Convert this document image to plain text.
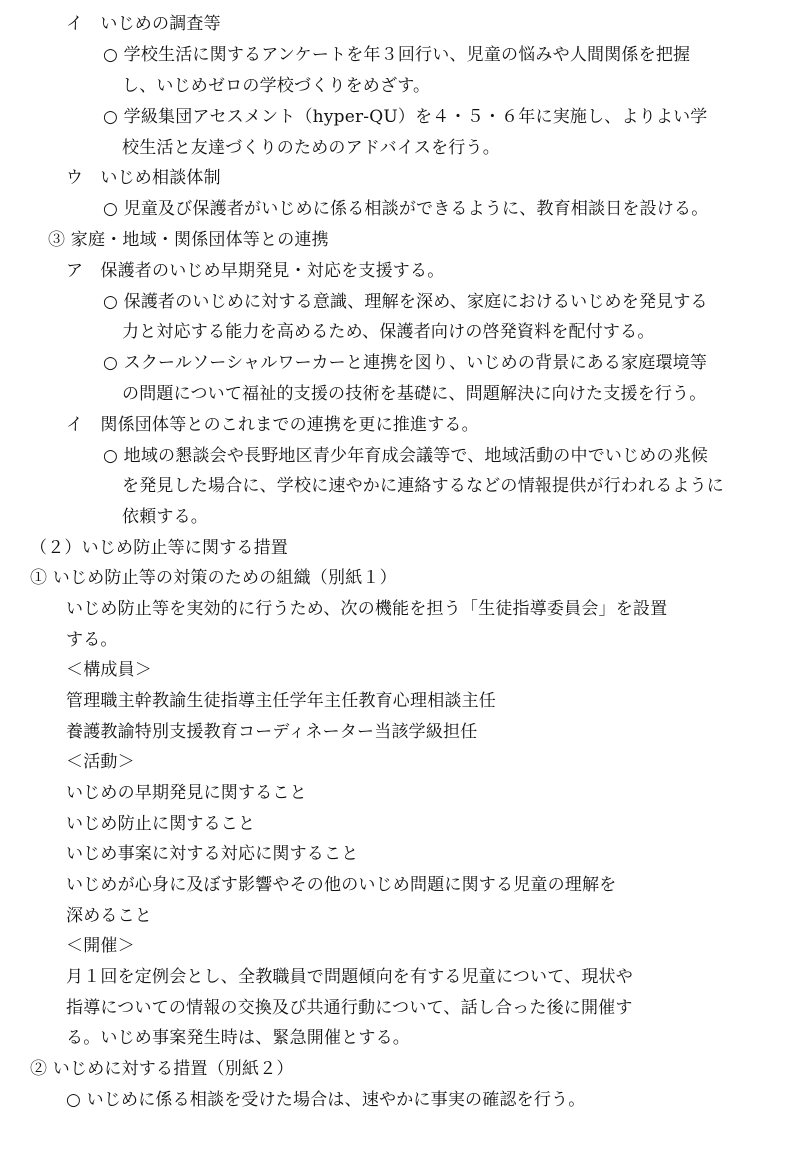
イ　いじめの調査等
○ 学校生活に関するアンケートを年３回行い、児童の悩みや人間関係を把握
し、いじめゼロの学校づくりをめざす。
○ 学級集団アセスメント（hyper-QU）を４・５・６年に実施し、よりよい学
校生活と友達づくりのためのアドバイスを行う。
ウ　いじめ相談体制
○ 児童及び保護者がいじめに係る相談ができるように、教育相談日を設ける。
③ 家庭・地域・関係団体等との連携
ア　保護者のいじめ早期発見・対応を支援する。
○ 保護者のいじめに対する意識、理解を深め、家庭におけるいじめを発見する
力と対応する能力を高めるため、保護者向けの啓発資料を配付する。
○ スクールソーシャルワーカーと連携を図り、いじめの背景にある家庭環境等
の問題について福祉的支援の技術を基礎に、問題解決に向けた支援を行う。
イ　関係団体等とのこれまでの連携を更に推進する。
○ 地域の懇談会や長野地区青少年育成会議等で、地域活動の中でいじめの兆候
を発見した場合に、学校に速やかに連絡するなどの情報提供が行われるように
依頼する。
（２）いじめ防止等に関する措置
① いじめ防止等の対策のための組織（別紙１）
いじめ防止等を実効的に行うため、次の機能を担う「生徒指導委員会」を設置
する。
＜構成員＞
管理職主幹教諭生徒指導主任学年主任教育心理相談主任
養護教諭特別支援教育コーディネーター当該学級担任
＜活動＞
いじめの早期発見に関すること
いじめ防止に関すること
いじめ事案に対する対応に関すること
いじめが心身に及ぼす影響やその他のいじめ問題に関する児童の理解を
深めること
＜開催＞
月１回を定例会とし、全教職員で問題傾向を有する児童について、現状や
指導についての情報の交換及び共通行動について、話し合った後に開催す
る。いじめ事案発生時は、緊急開催とする。
② いじめに対する措置（別紙２）
○ いじめに係る相談を受けた場合は、速やかに事実の確認を行う。
